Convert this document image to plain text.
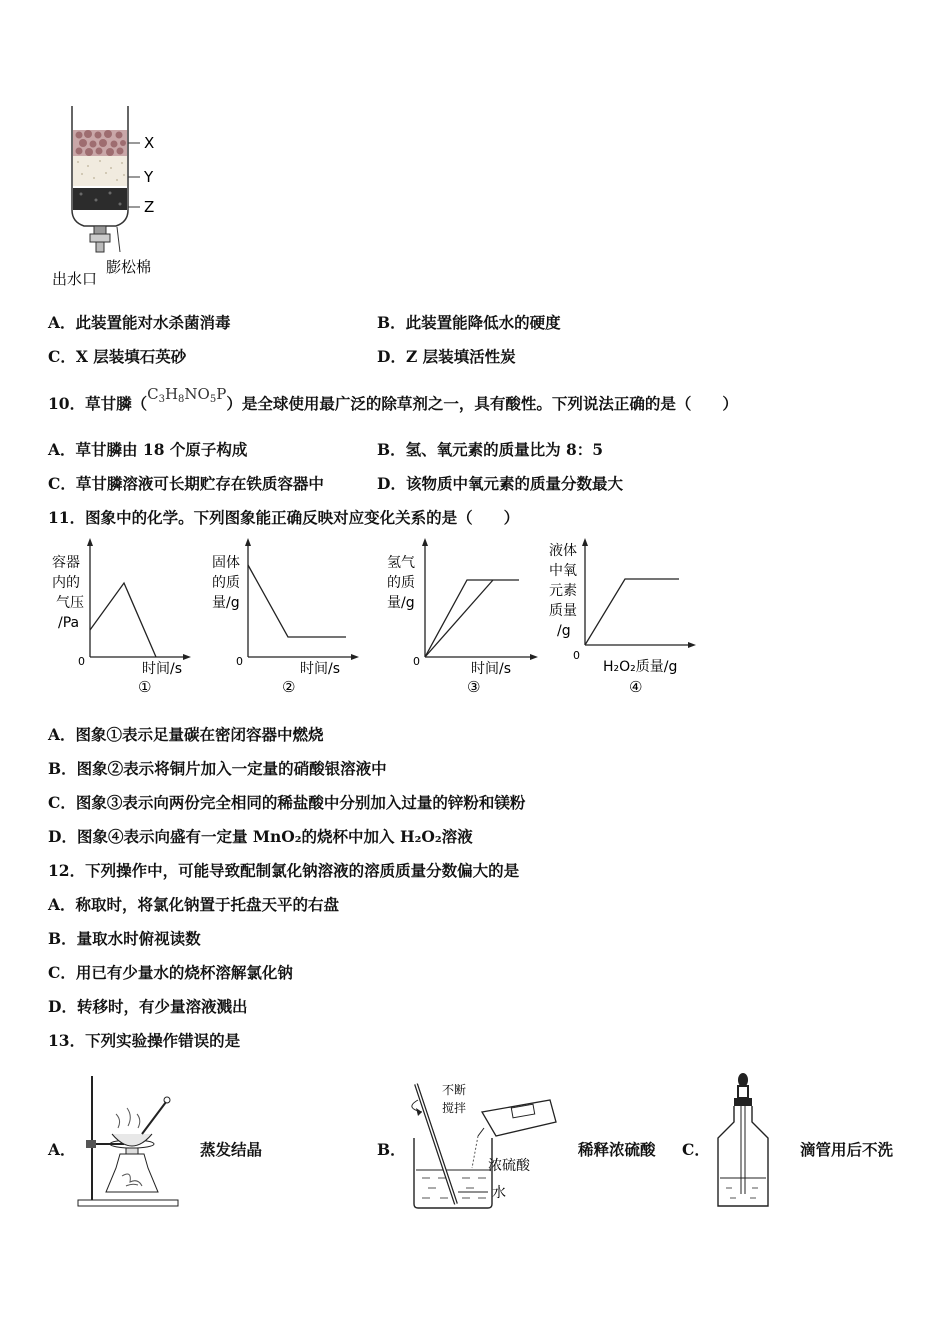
X
Y
Z
膨松棉
出水口
A．此装置能对水杀菌消毒	B．此装置能降低水的硬度
C．X 层装填石英砂	D．Z 层装填活性炭
10．草甘膦$(C_3H_8NO_5P)$是全球使用最广泛的除草剂之一，具有酸性。下列说法正确的是（　　）
A．草甘膦由 18 个原子构成	B．氢、氧元素的质量比为 8：5
C．草甘膦溶液可长期贮存在铁质容器中	D．该物质中氧元素的质量分数最大
11．图象中的化学。下列图象能正确反映对应变化关系的是（　　）
容器
内的
气压
/Pa
0	时间/s
①
固体
的质
量/g
0	时间/s
②
氢气
的质
量/g
0	时间/s
③
液体
中氧
元素
质量
/g
0
H₂O₂质量/g
④
A．图象①表示足量碳在密闭容器中燃烧
B．图象②表示将铜片加入一定量的硝酸银溶液中
C．图象③表示向两份完全相同的稀盐酸中分别加入过量的锌粉和镁粉
D．图象④表示向盛有一定量 MnO₂的烧杯中加入 H₂O₂溶液
12．下列操作中，可能导致配制氯化钠溶液的溶质质量分数偏大的是
A．称取时，将氯化钠置于托盘天平的右盘
B．量取水时俯视读数
C．用已有少量水的烧杯溶解氯化钠
D．转移时，有少量溶液溅出
13．下列实验操作错误的是
A．	蒸发结晶	B．
不断
搅拌
浓硫酸
水
稀释浓硫酸 C．	滴管用后不洗
